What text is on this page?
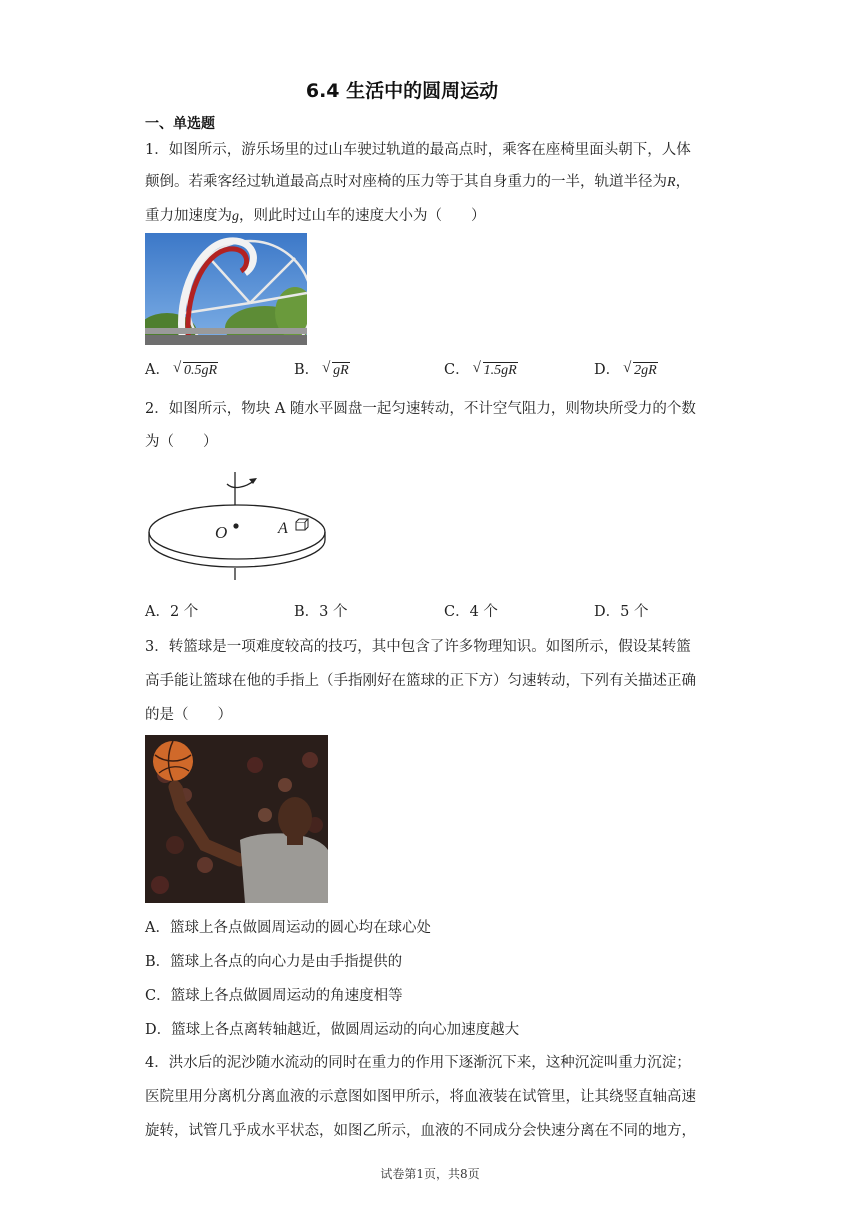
6.4 生活中的圆周运动
一、单选题
1．如图所示，游乐场里的过山车驶过轨道的最高点时，乘客在座椅里面头朝下，人体
颠倒。若乘客经过轨道最高点时对座椅的压力等于其自身重力的一半，轨道半径为R，
重力加速度为g，则此时过山车的速度大小为（　　）
A． √ 0.5gR	B． √ gR	C． √ 1.5gR	D． √ 2gR
2．如图所示，物块 A 随水平圆盘一起匀速转动，不计空气阻力，则物块所受力的个数
为（　　）
O	A
A．2 个	B．3 个	C．4 个	D．5 个
3．转篮球是一项难度较高的技巧，其中包含了许多物理知识。如图所示，假设某转篮
高手能让篮球在他的手指上（手指刚好在篮球的正下方）匀速转动，下列有关描述正确
的是（　　）
A．篮球上各点做圆周运动的圆心均在球心处
B．篮球上各点的向心力是由手指提供的
C．篮球上各点做圆周运动的角速度相等
D．篮球上各点离转轴越近，做圆周运动的向心加速度越大
4．洪水后的泥沙随水流动的同时在重力的作用下逐渐沉下来，这种沉淀叫重力沉淀；
医院里用分离机分离血液的示意图如图甲所示，将血液装在试管里，让其绕竖直轴高速
旋转，试管几乎成水平状态，如图乙所示，血液的不同成分会快速分离在不同的地方，
试卷第1页，共8页
